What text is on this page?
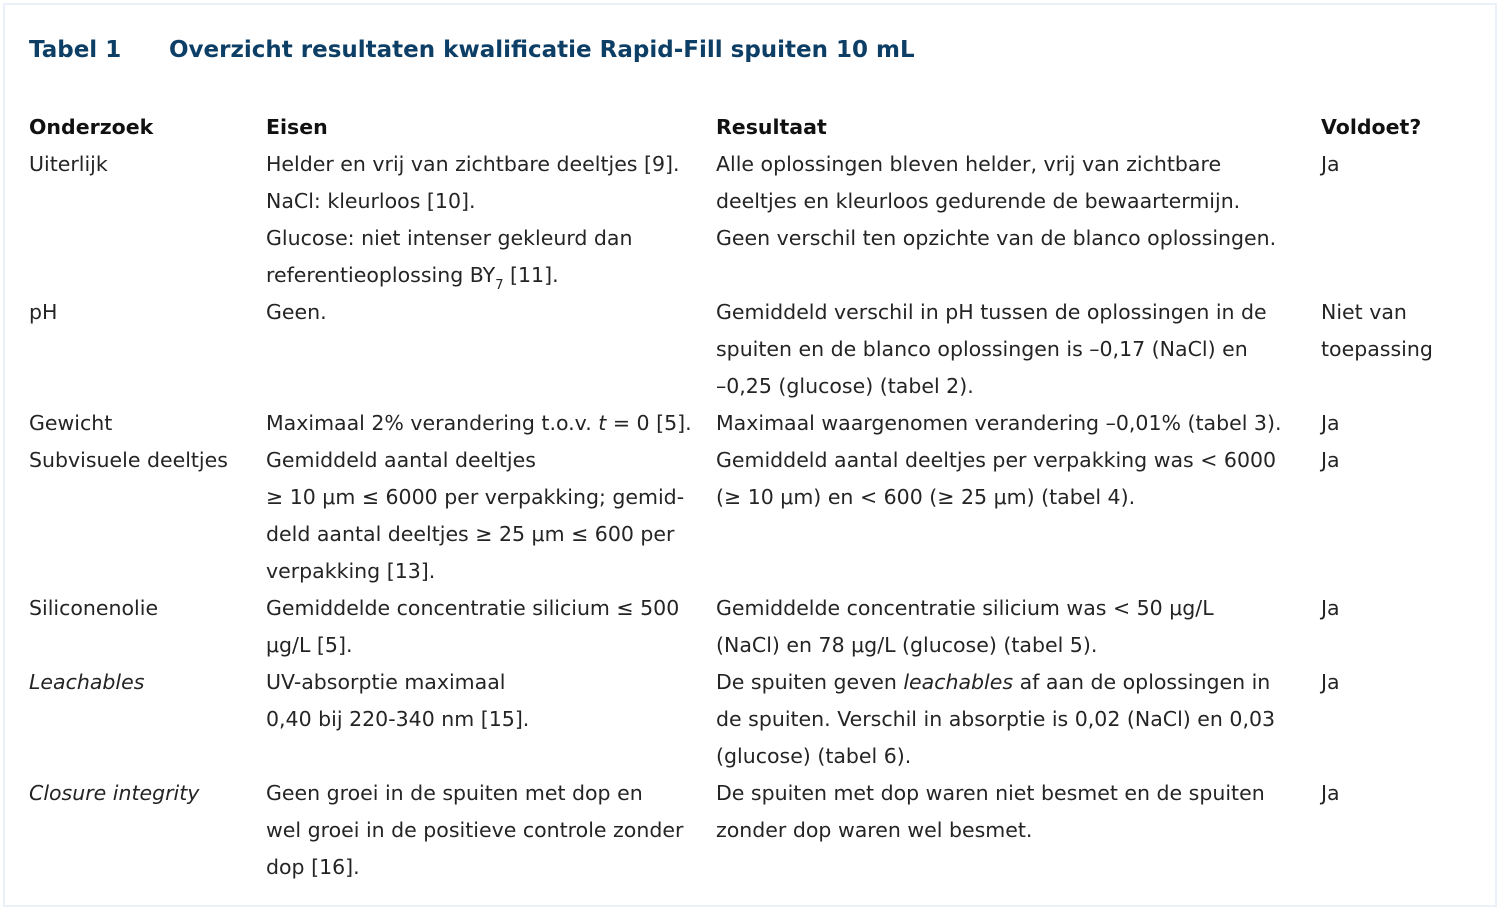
Tabel 1 Overzicht resultaten kwalificatie Rapid-Fill spuiten 10 mL
Onderzoek	Eisen	Resultaat	Voldoet?
Uiterlijk	Helder en vrij van zichtbare deeltjes [9].
NaCl: kleurloos [10].
Glucose: niet intenser gekleurd dan
referentieoplossing $BY_7$ [11].	Alle oplossingen bleven helder, vrij van zichtbare
deeltjes en kleurloos gedurende de bewaartermijn.
Geen verschil ten opzichte van de blanco oplossingen.	Ja

pH	Geen.	Gemiddeld verschil in pH tussen de oplossingen in de
spuiten en de blanco oplossingen is –0,17 (NaCl) en
–0,25 (glucose) (tabel 2).	Niet van
toepassing

Gewicht	Maximaal 2% verandering t.o.v. t = 0 [5].	Maximaal waargenomen verandering –0,01% (tabel 3).	Ja

Subvisuele deeltjes	Gemiddeld aantal deeltjes
≥ 10 μm ≤ 6000 per verpakking; gemid-
deld aantal deeltjes ≥ 25 μm ≤ 600 per
verpakking [13].	Gemiddeld aantal deeltjes per verpakking was < 6000
(≥ 10 μm) en < 600 (≥ 25 μm) (tabel 4).	Ja

Siliconenolie	Gemiddelde concentratie silicium ≤ 500
μg/L [5].	Gemiddelde concentratie silicium was < 50 μg/L
(NaCl) en 78 μg/L (glucose) (tabel 5).	Ja

Leachables	UV-absorptie maximaal
0,40 bij 220-340 nm [15].	De spuiten geven leachables af aan de oplossingen in
de spuiten. Verschil in absorptie is 0,02 (NaCl) en 0,03
(glucose) (tabel 6).	Ja

Closure integrity	Geen groei in de spuiten met dop en
wel groei in de positieve controle zonder
dop [16].	De spuiten met dop waren niet besmet en de spuiten
zonder dop waren wel besmet.	Ja
